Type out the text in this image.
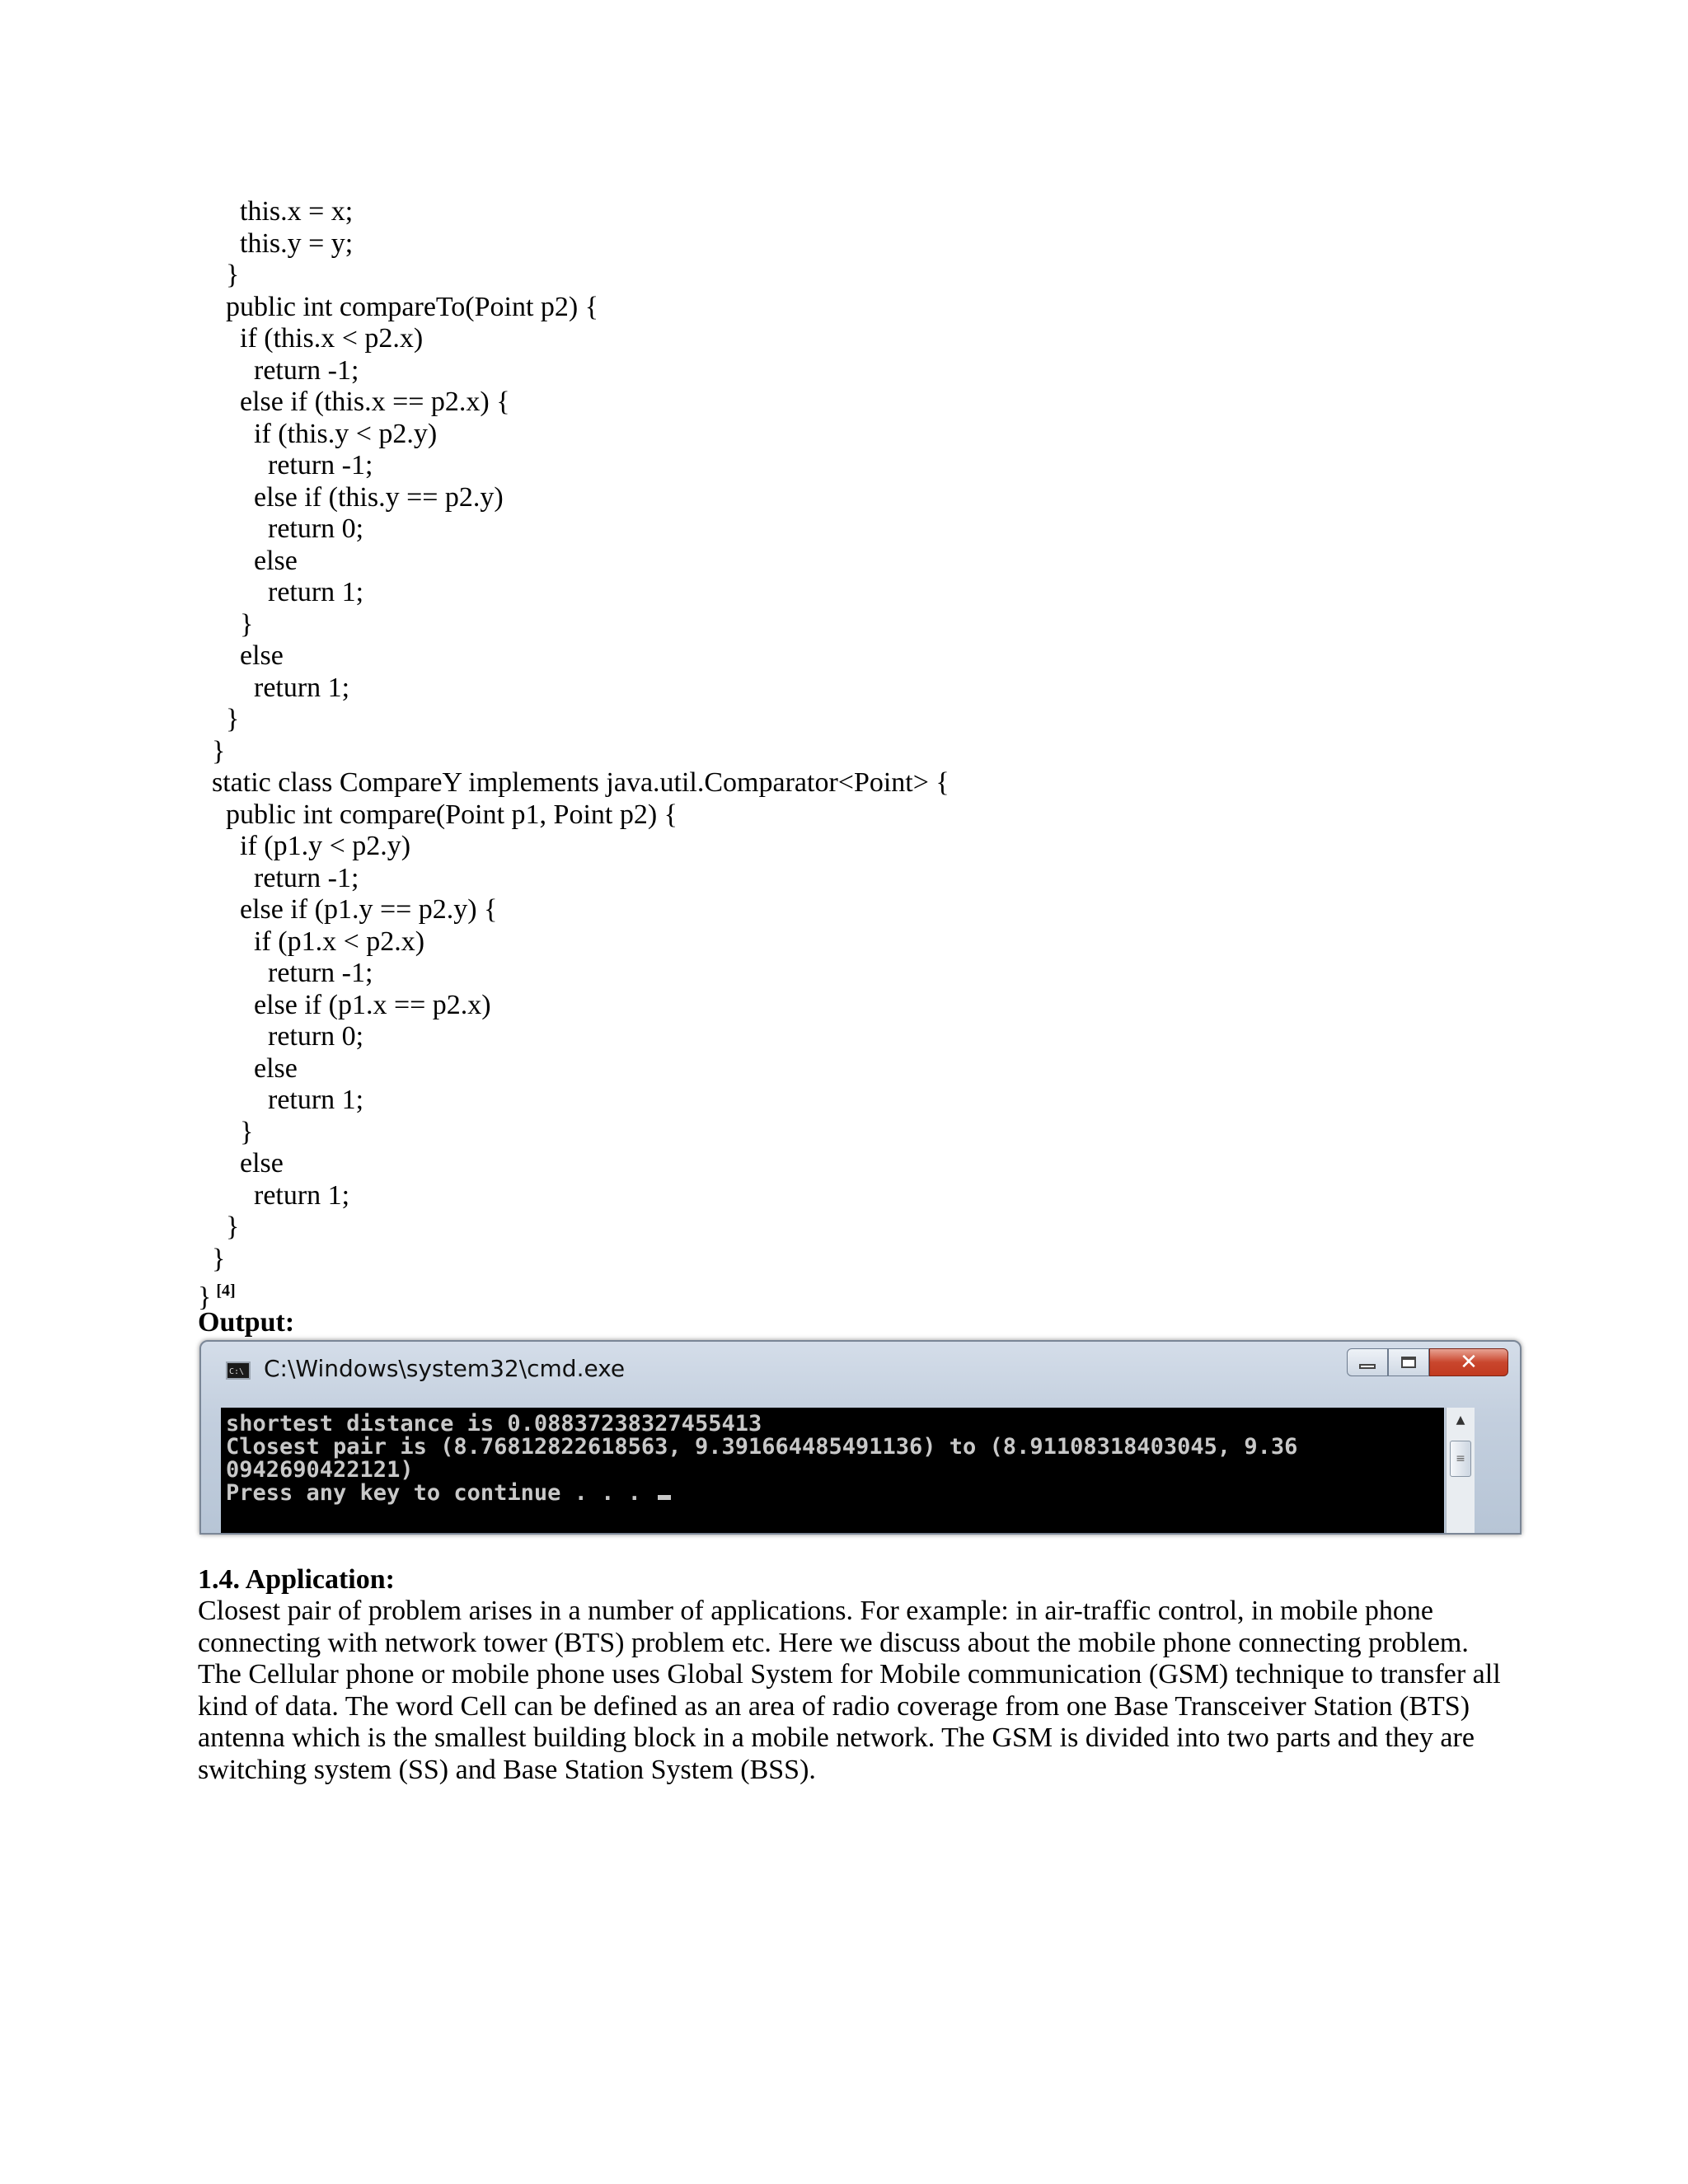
this.x = x;
this.y = y;
}
public int compareTo(Point p2) {
if (this.x < p2.x)
return -1;
else if (this.x == p2.x) {
if (this.y < p2.y)
return -1;
else if (this.y == p2.y)
return 0;
else
return 1;
}
else
return 1;
}
}
static class CompareY implements java.util.Comparator<Point> {
public int compare(Point p1, Point p2) {
if (p1.y < p2.y)
return -1;
else if (p1.y == p2.y) {
if (p1.x < p2.x)
return -1;
else if (p1.x == p2.x)
return 0;
else
return 1;
}
else
return 1;
}
}
} [4]
Output:
C:\ C:\Windows\system32\cmd.exe	✕
shortest distance is 0.08837238327455413
Closest pair is (8.76812822618563, 9.391664485491136) to (8.91108318403045, 9.36
0942690422121)
Press any key to continue . . .
▲
≡
1.4. Application:
Closest pair of problem arises in a number of applications. For example: in air-traffic control, in mobile phone
connecting with network tower (BTS) problem etc. Here we discuss about the mobile phone connecting problem.
The Cellular phone or mobile phone uses Global System for Mobile communication (GSM) technique to transfer all
kind of data. The word Cell can be defined as an area of radio coverage from one Base Transceiver Station (BTS)
antenna which is the smallest building block in a mobile network. The GSM is divided into two parts and they are
switching system (SS) and Base Station System (BSS).
